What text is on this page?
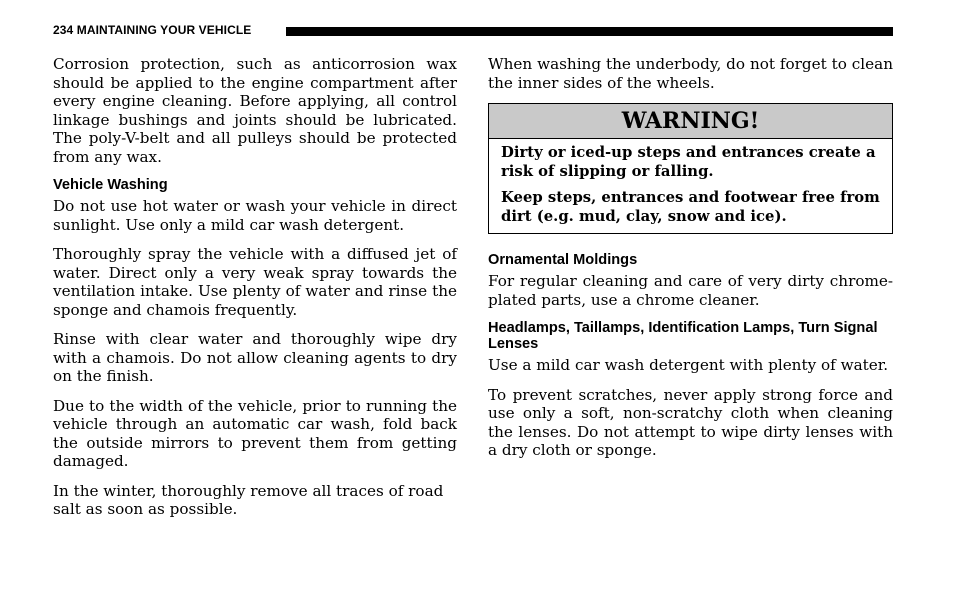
234 MAINTAINING YOUR VEHICLE

Corrosion protection, such as anticorrosion wax should be applied to the engine compartment after every engine cleaning. Before applying, all control linkage bushings and joints should be lubricated. The poly-V-belt and all pulleys should be protected from any wax.

Vehicle Washing

Do not use hot water or wash your vehicle in direct sunlight. Use only a mild car wash detergent.

Thoroughly spray the vehicle with a diffused jet of water. Direct only a very weak spray towards the ventilation intake. Use plenty of water and rinse the sponge and chamois frequently.

Rinse with clear water and thoroughly wipe dry with a chamois. Do not allow cleaning agents to dry on the finish.

Due to the width of the vehicle, prior to running the vehicle through an automatic car wash, fold back the outside mirrors to prevent them from getting damaged.

In the winter, thoroughly remove all traces of road salt as soon as possible.

When washing the underbody, do not forget to clean the inner sides of the wheels.

WARNING!

Dirty or iced-up steps and entrances create a risk of slipping or falling.

Keep steps, entrances and footwear free from dirt (e.g. mud, clay, snow and ice).

Ornamental Moldings

For regular cleaning and care of very dirty chrome-plated parts, use a chrome cleaner.

Headlamps, Taillamps, Identification Lamps, Turn Signal Lenses

Use a mild car wash detergent with plenty of water.

To prevent scratches, never apply strong force and use only a soft, non-scratchy cloth when cleaning the lenses. Do not attempt to wipe dirty lenses with a dry cloth or sponge.
